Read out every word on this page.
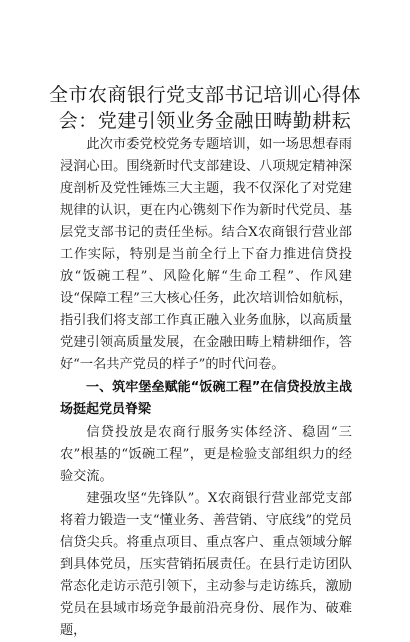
全市农商银行党支部书记培训心得体会：党建引领业务金融田畴勤耕耘

此次市委党校党务专题培训，如一场思想春雨浸润心田。围绕新时代支部建设、八项规定精神深度剖析及党性锤炼三大主题，我不仅深化了对党建规律的认识，更在内心镌刻下作为新时代党员、基层党支部书记的责任坐标。结合X农商银行营业部工作实际，特别是当前全行上下奋力推进信贷投放“饭碗工程”、风险化解“生命工程”、作风建设“保障工程”三大核心任务，此次培训恰如航标，指引我们将支部工作真正融入业务血脉，以高质量党建引领高质量发展，在金融田畴上精耕细作，答好“一名共产党员的样子”的时代问卷。

一、筑牢堡垒赋能“饭碗工程”在信贷投放主战场挺起党员脊梁

信贷投放是农商行服务实体经济、稳固“三农”根基的“饭碗工程”，更是检验支部组织力的经验交流。

建强攻坚“先锋队”。X农商银行营业部党支部将着力锻造一支“懂业务、善营销、守底线”的党员信贷尖兵。将重点项目、重点客户、重点领域分解到具体党员，压实营销拓展责任。在县行走访团队常态化走访示范引领下，主动参与走访练兵，激励党员在县域市场竞争最前沿亮身份、展作为、破难题，
